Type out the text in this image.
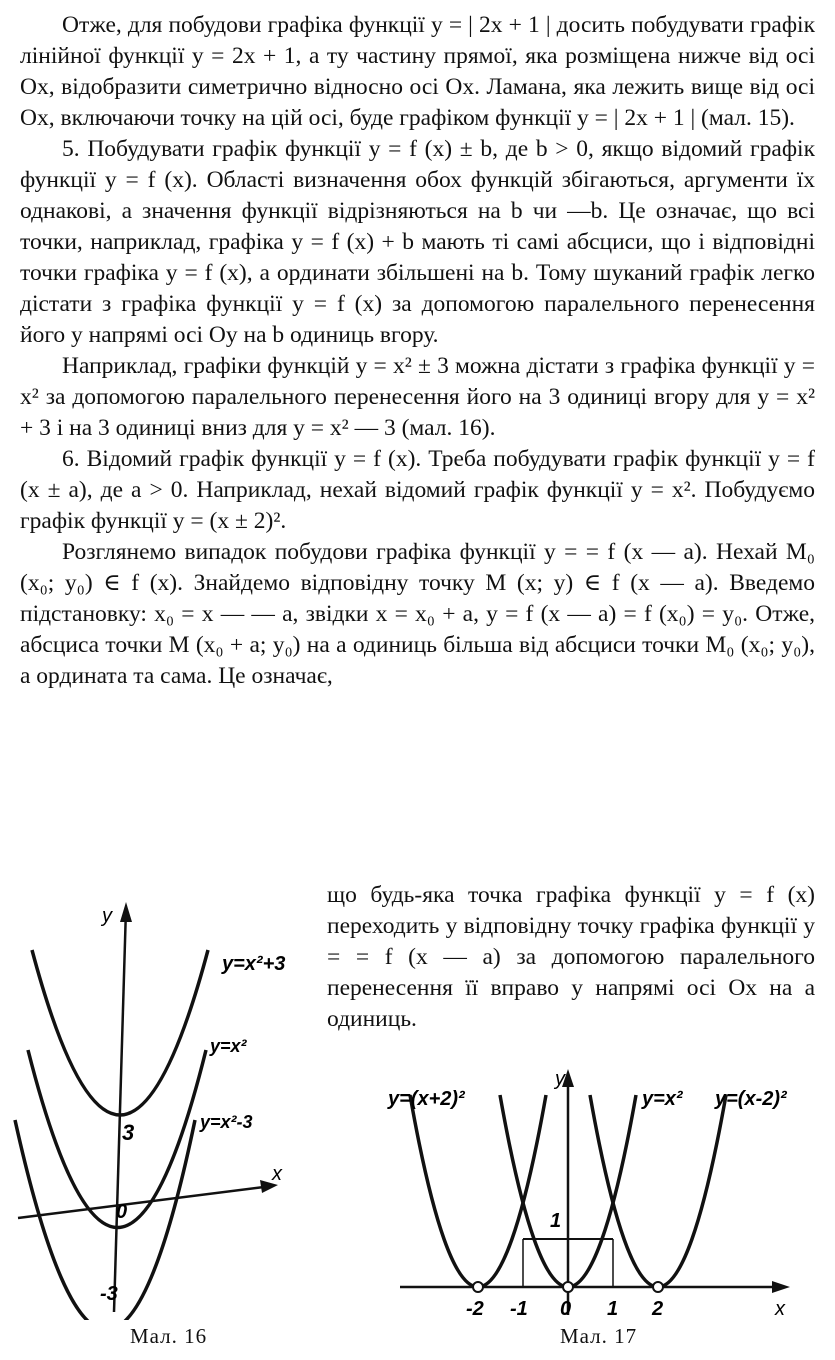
Отже, для побудови графіка функції y = | 2x + 1 | досить побудувати графік лінійної функції y = 2x + 1, а ту частину прямої, яка розміщена нижче від осі Ox, відобразити симетрично відносно осі Ox. Ламана, яка лежить вище від осі Ox, включаючи точку на цій осі, буде графіком функції y = | 2x + 1 | (мал. 15).

5. Побудувати графік функції y = f (x) ± b, де b > 0, якщо відомий графік функції y = f (x). Області визначення обох функцій збігаються, аргументи їх однакові, а значення функції відрізняються на b чи —b. Це означає, що всі точки, наприклад, графіка y = f (x) + b мають ті самі абсциси, що і відповідні точки графіка y = f (x), а ординати збільшені на b. Тому шуканий графік легко дістати з графіка функції y = f (x) за допомогою паралельного перенесення його у напрямі осі Oy на b одиниць вгору.

Наприклад, графіки функцій y = x² ± 3 можна дістати з графіка функції y = x² за допомогою паралельного перенесення його на 3 одиниці вгору для y = x² + 3 і на 3 одиниці вниз для y = x² — 3 (мал. 16).

6. Відомий графік функції y = f (x). Треба побудувати графік функції y = f (x ± a), де a > 0. Наприклад, нехай відомий графік функції y = x². Побудуємо графік функції y = (x ± 2)².

Розглянемо випадок побудови графіка функції y = = f (x — a). Нехай M₀ (x₀; y₀) ∈ f (x). Знайдемо відповідну точку M (x; y) ∈ f (x — a). Введемо підстановку: x₀ = x — — a, звідки x = x₀ + a, y = f (x — a) = f (x₀) = y₀. Отже, абсциса точки M (x₀ + a; y₀) на a одиниць більша від абсциси точки M₀ (x₀; y₀), а ордината та сама. Це означає,

що будь-яка точка графіка функції y = f (x) переходить у відповідну точку графіка функції y = = f (x — a) за допомогою паралельного перенесення її вправо у напрямі осі Ox на a одиниць.
y=x²+3
y=x²
y=x²-3
y
x
3
0
-3
Мал. 16
y=(x+2)²	y=x² y=(x-2)²
y
x
1
-2 -1 0 1 2
Мал. 17
